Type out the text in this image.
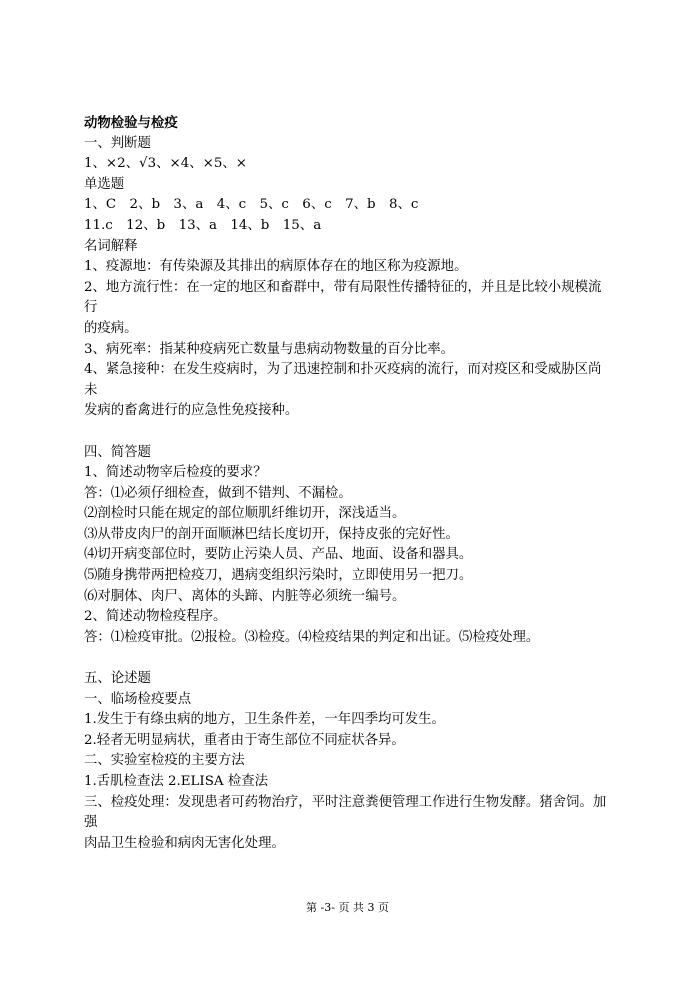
动物检验与检疫
一、判断题
1、×2、√3、×4、×5、×
单选题
1、C　2、b　3、a　4、c　5、c　6、c　7、b　8、c
11.c　12、b　13、a　14、b　15、a
名词解释
1、疫源地：有传染源及其排出的病原体存在的地区称为疫源地。
2、地方流行性：在一定的地区和畜群中，带有局限性传播特征的，并且是比较小规模流行
的疫病。
3、病死率：指某种疫病死亡数量与患病动物数量的百分比率。
4、紧急接种：在发生疫病时，为了迅速控制和扑灭疫病的流行，而对疫区和受威胁区尚未
发病的畜禽进行的应急性免疫接种。
四、简答题
1、简述动物宰后检疫的要求？
答：⑴必须仔细检查，做到不错判、不漏检。
⑵剖检时只能在规定的部位顺肌纤维切开，深浅适当。
⑶从带皮肉尸的剖开面顺淋巴结长度切开，保持皮张的完好性。
⑷切开病变部位时，要防止污染人员、产品、地面、设备和器具。
⑸随身携带两把检疫刀，遇病变组织污染时，立即使用另一把刀。
⑹对胴体、肉尸、离体的头蹄、内脏等必须统一编号。
2、简述动物检疫程序。
答：⑴检疫审批。⑵报检。⑶检疫。⑷检疫结果的判定和出证。⑸检疫处理。
五、论述题
一、临场检疫要点
1.发生于有绦虫病的地方，卫生条件差，一年四季均可发生。
2.轻者无明显病状，重者由于寄生部位不同症状各异。
二、实验室检疫的主要方法
1.舌肌检查法 2.ELISA 检查法
三、检疫处理：发现患者可药物治疗，平时注意粪便管理工作进行生物发酵。猪舍饲。加强
肉品卫生检验和病肉无害化处理。
第 -3- 页 共 3 页
